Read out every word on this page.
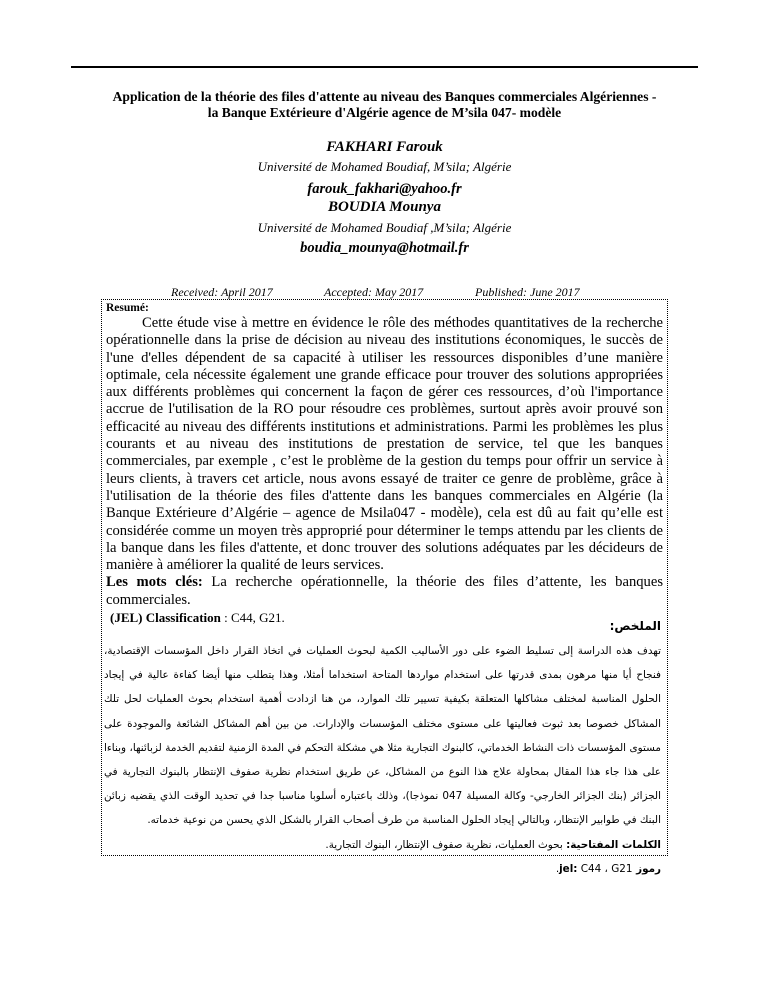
Application de la théorie des files d'attente au niveau des Banques commerciales Algériennes -
la Banque Extérieure d'Algérie agence de M’sila 047- modèle
FAKHARI Farouk
Université de Mohamed Boudiaf, M’sila; Algérie
farouk_fakhari@yahoo.fr
BOUDIA Mounya
Université de Mohamed Boudiaf ,M’sila; Algérie
boudia_mounya@hotmail.fr
Received: April 2017	Accepted: May 2017	Published: June 2017
Resumé:

Cette étude vise à mettre en évidence le rôle des méthodes quantitatives de la recherche opérationnelle dans la prise de décision au niveau des institutions économiques, le succès de l'une d'elles dépendent de sa capacité à utiliser les ressources disponibles d’une manière optimale, cela nécessite également une grande efficace pour trouver des solutions appropriées aux différents problèmes qui concernent la façon de gérer ces ressources, d’où l'importance accrue de l'utilisation de la RO pour résoudre ces problèmes, surtout après avoir prouvé son efficacité au niveau des différents institutions et administrations. Parmi les problèmes les plus courants et au niveau des institutions de prestation de service, tel que les banques commerciales, par exemple , c’est le problème de la gestion du temps pour offrir un service à leurs clients, à travers cet article, nous avons essayé de traiter ce genre de problème, grâce à l'utilisation de la théorie des files d'attente dans les banques commerciales en Algérie (la Banque Extérieure d’Algérie – agence de Msila047 - modèle), cela est dû au fait qu’elle est considérée comme un moyen très approprié pour déterminer le temps attendu par les clients de la banque dans les files d'attente, et donc trouver des solutions adéquates par les décideurs de manière à améliorer la qualité de leurs services.

Les mots clés: La recherche opérationnelle, la théorie des files d’attente, les banques commerciales.

(JEL) Classification : C44, G21.

الملخص:

تهدف هذه الدراسة إلى تسليط الضوء على دور الأساليب الكمية لبحوث العمليات في اتخاذ القرار داخل المؤسسات الإقتصادية، فنجاح أيا منها مرهون بمدى قدرتها على استخدام مواردها المتاحة استخداما أمثلا، وهذا يتطلب منها أيضا كفاءة عالية في إيجاد الحلول المناسبة لمختلف مشاكلها المتعلقة بكيفية تسيير تلك الموارد، من هنا ازدادت أهمية استخدام بحوث العمليات لحل تلك المشاكل خصوصا بعد ثبوت فعاليتها على مستوى مختلف المؤسسات والإدارات. من بين أهم المشاكل الشائعة والموجودة على مستوى المؤسسات ذات النشاط الخدماتي، كالبنوك التجارية مثلا هي مشكلة التحكم في المدة الزمنية لتقديم الخدمة لزبائنها، وبناءا على هذا جاء هذا المقال بمحاولة علاج هذا النوع من المشاكل، عن طريق استخدام نظرية صفوف الإنتظار بالبنوك التجارية في الجزائر (بنك الجزائر الخارجي- وكالة المسيلة 047 نموذجا)، وذلك باعتباره أسلوبا مناسبا جدا في تحديد الوقت الذي يقضيه زبائن البنك في طوابير الإنتظار، وبالتالي إيجاد الحلول المناسبة من طرف أصحاب القرار بالشكل الذي يحسن من نوعية خدماته.

الكلمات المفتاحية: بحوث العمليات، نظرية صفوف الإنتظار، البنوك التجارية.

رموز jel: C44 ، G21.
